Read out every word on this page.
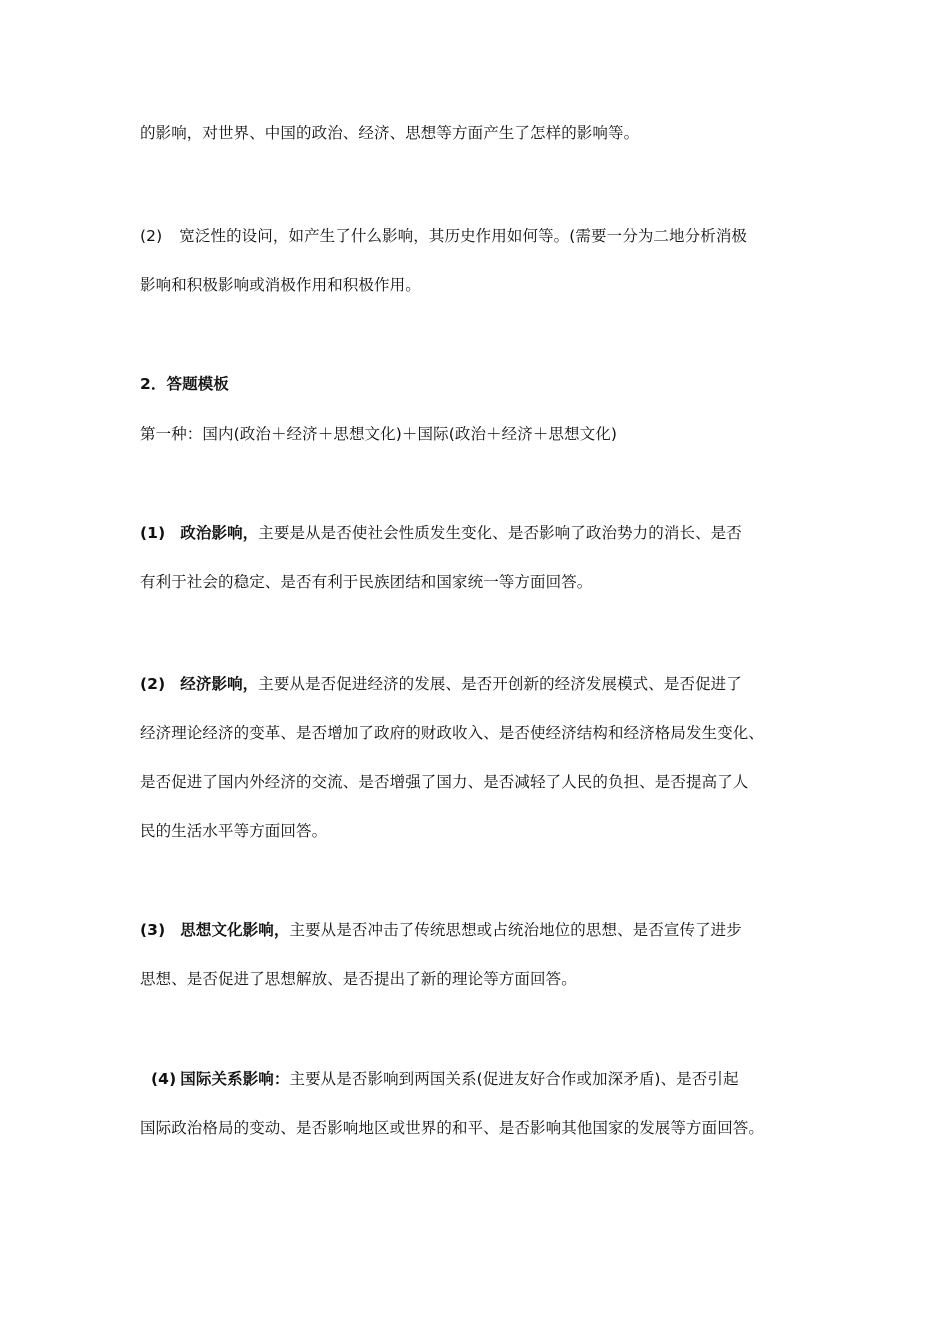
的影响，对世界、中国的政治、经济、思想等方面产生了怎样的影响等。
(2) 宽泛性的设问，如产生了什么影响，其历史作用如何等。(需要一分为二地分析消极
影响和积极影响或消极作用和积极作用。
2．答题模板
第一种：国内(政治＋经济＋思想文化)＋国际(政治＋经济＋思想文化)
(1) 政治影响，主要是从是否使社会性质发生变化、是否影响了政治势力的消长、是否
有利于社会的稳定、是否有利于民族团结和国家统一等方面回答。
(2) 经济影响，主要从是否促进经济的发展、是否开创新的经济发展模式、是否促进了
经济理论经济的变革、是否增加了政府的财政收入、是否使经济结构和经济格局发生变化、
是否促进了国内外经济的交流、是否增强了国力、是否减轻了人民的负担、是否提高了人
民的生活水平等方面回答。
(3) 思想文化影响，主要从是否冲击了传统思想或占统治地位的思想、是否宣传了进步
思想、是否促进了思想解放、是否提出了新的理论等方面回答。
(4) 国际关系影响：主要从是否影响到两国关系(促进友好合作或加深矛盾)、是否引起
国际政治格局的变动、是否影响地区或世界的和平、是否影响其他国家的发展等方面回答。
